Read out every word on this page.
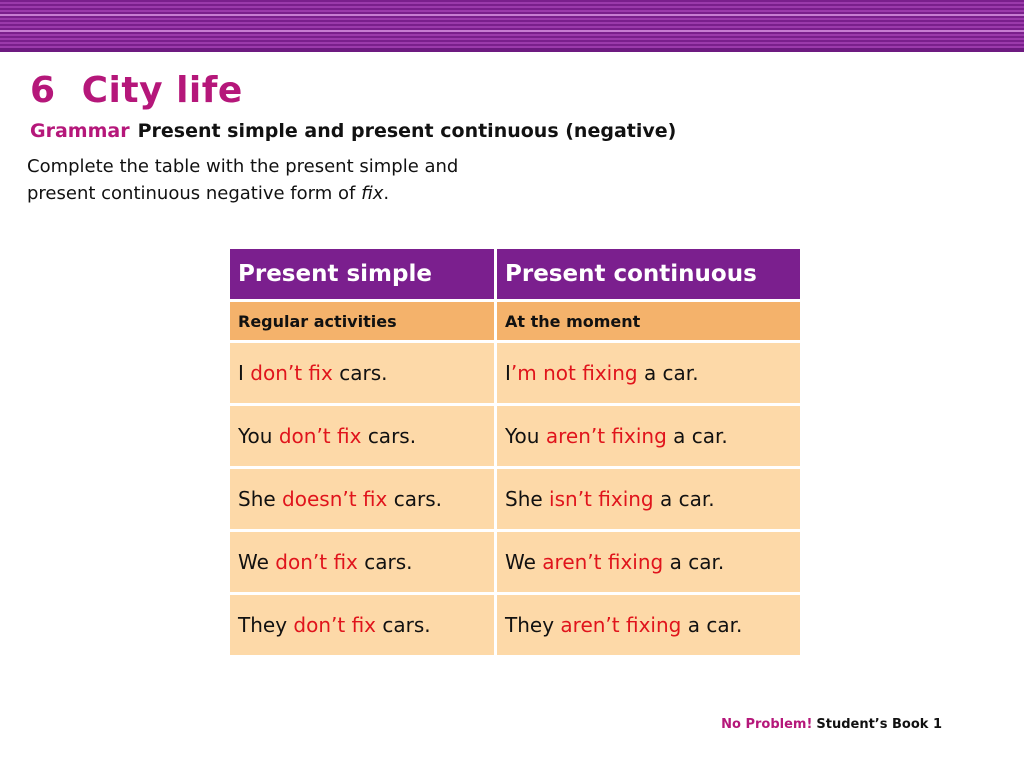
6  City life

Grammar Present simple and present continuous (negative)

Complete the table with the present simple and present continuous negative form of fix.

Present simple	Present continuous
Regular activities	At the moment
I don’t fix cars.	I’m not fixing a car.
You don’t fix cars.	You aren’t fixing a car.
She doesn’t fix cars.	She isn’t fixing a car.
We don’t fix cars.	We aren’t fixing a car.
They don’t fix cars.	They aren’t fixing a car.

No Problem! Student’s Book 1
